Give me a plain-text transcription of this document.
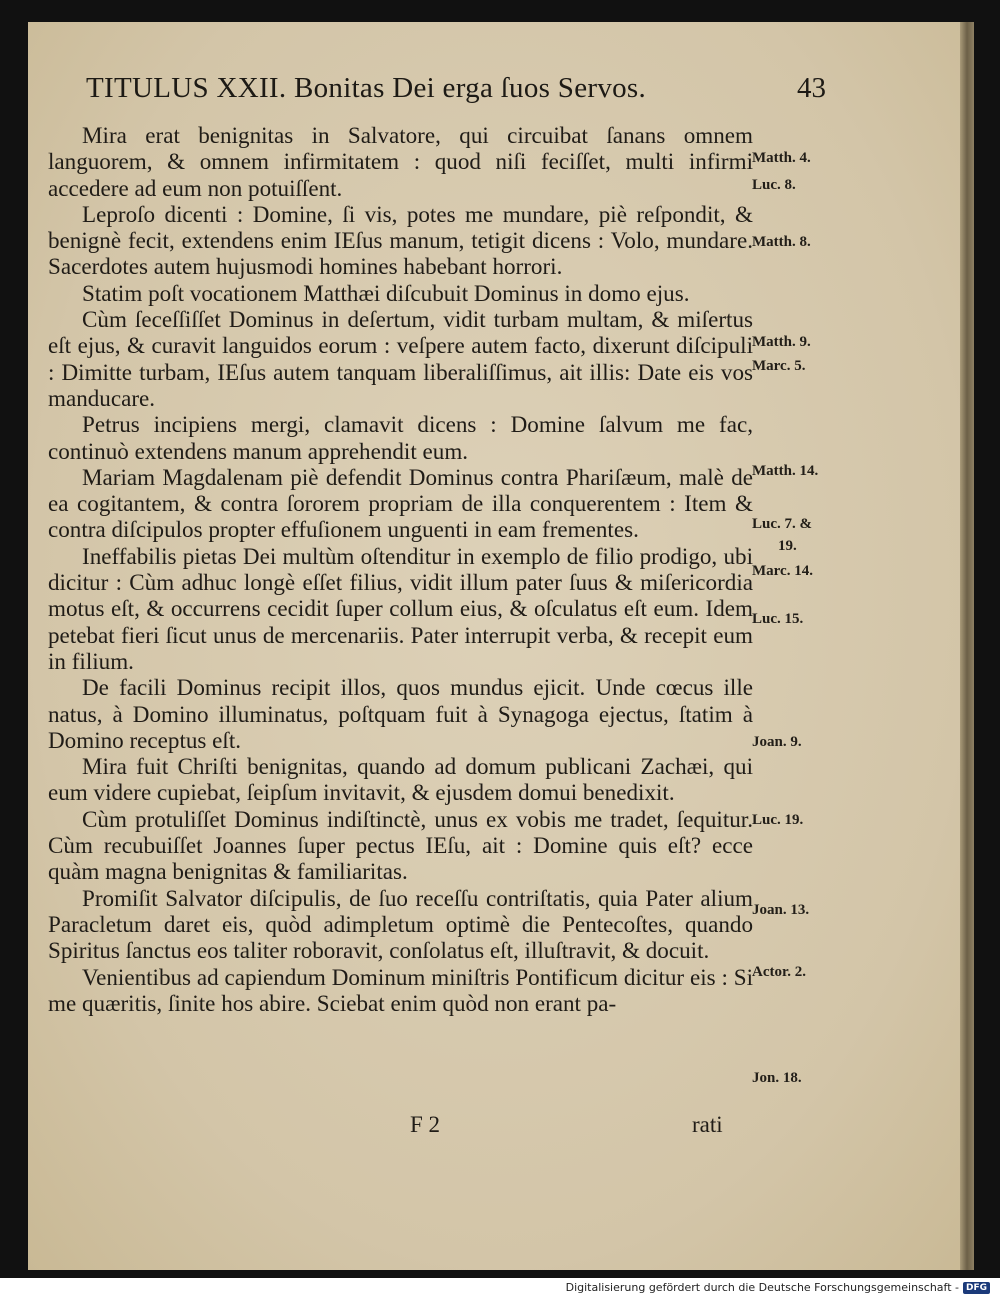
TITULUS XXII. Bonitas Dei erga ſuos Servos.	43

Mira erat benignitas in Salvatore, qui circuibat ſanans omnem languorem, & omnem infirmitatem : quod niſi feciſſet, multi infirmi accedere ad eum non potuiſſent.

Leproſo dicenti : Domine, ſi vis, potes me mundare, piè reſpondit, & benignè fecit, extendens enim IEſus manum, tetigit dicens : Volo, mundare. Sacerdotes autem hujusmodi homines habebant horrori.

Statim poſt vocationem Matthæi diſcubuit Dominus in domo ejus.

Cùm ſeceſſiſſet Dominus in deſertum, vidit turbam multam, & miſertus eſt ejus, & curavit languidos eorum : veſpere autem facto, dixerunt diſcipuli : Dimitte turbam, IEſus autem tanquam liberaliſſimus, ait illis: Date eis vos manducare.

Petrus incipiens mergi, clamavit dicens : Domine ſalvum me fac, continuò extendens manum apprehendit eum.

Mariam Magdalenam piè defendit Dominus contra Phariſæum, malè de ea cogitantem, & contra ſororem propriam de illa conquerentem : Item & contra diſcipulos propter effuſionem unguenti in eam frementes.

Ineffabilis pietas Dei multùm oſtenditur in exemplo de filio prodigo, ubi dicitur : Cùm adhuc longè eſſet filius, vidit illum pater ſuus & miſericordia motus eſt, & occurrens cecidit ſuper collum eius, & oſculatus eſt eum. Idem petebat fieri ſicut unus de mercenariis. Pater interrupit verba, & recepit eum in filium.

De facili Dominus recipit illos, quos mundus ejicit. Unde cœcus ille natus, à Domino illuminatus, poſtquam fuit à Synagoga ejectus, ſtatim à Domino receptus eſt.

Mira fuit Chriſti benignitas, quando ad domum publicani Zachæi, qui eum videre cupiebat, ſeipſum invitavit, & ejusdem domui benedixit.

Cùm protuliſſet Dominus indiſtinctè, unus ex vobis me tradet, ſequitur. Cùm recubuiſſet Joannes ſuper pectus IEſu, ait : Domine quis eſt? ecce quàm magna benignitas & familiaritas.

Promiſit Salvator diſcipulis, de ſuo receſſu contriſtatis, quia Pater alium Paracletum daret eis, quòd adimpletum optimè die Pentecoſtes, quando Spiritus ſanctus eos taliter roboravit, conſolatus eſt, illuſtravit, & docuit.

Venientibus ad capiendum Dominum miniſtris Pontificum dicitur eis : Si me quæritis, ſinite hos abire. Sciebat enim quòd non erant pa-

Matth. 4.
Luc. 8.
Matth. 8.
Matth. 9.
Marc. 5.
Matth. 14.
Luc. 7. &
19.
Marc. 14.
Luc. 15.
Joan. 9.
Luc. 19.
Joan. 13.
Actor. 2.
Jon. 18.
F 2	rati
Digitalisierung gefördert durch die Deutsche Forschungsgemeinschaft - DFG
